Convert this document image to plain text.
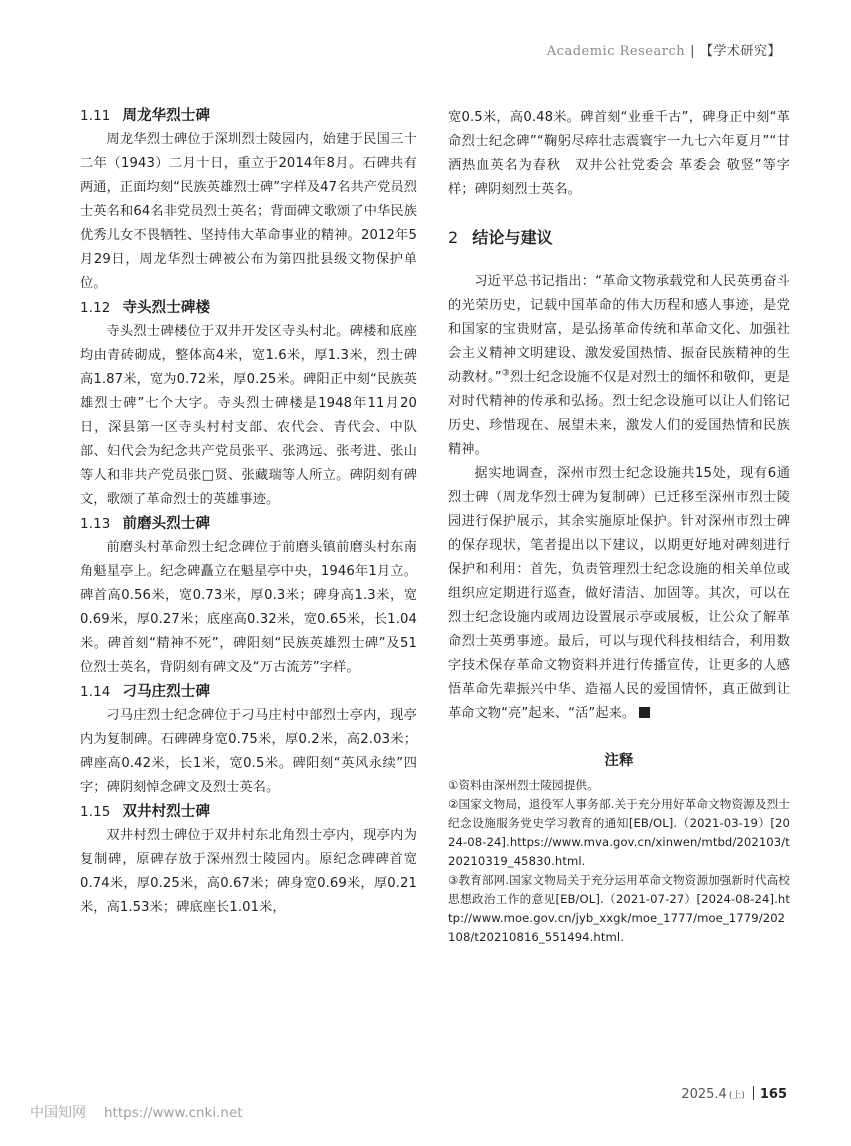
Academic Research | 【学术研究】
1.11 周龙华烈士碑

周龙华烈士碑位于深圳烈士陵园内，始建于民国三十二年（1943）二月十日，重立于2014年8月。石碑共有两通，正面均刻“民族英雄烈士碑”字样及47名共产党员烈士英名和64名非党员烈士英名；背面碑文歌颂了中华民族优秀儿女不畏牺牲、坚持伟大革命事业的精神。2012年5月29日，周龙华烈士碑被公布为第四批县级文物保护单位。

1.12 寺头烈士碑楼

寺头烈士碑楼位于双井开发区寺头村北。碑楼和底座均由青砖砌成，整体高4米，宽1.6米，厚1.3米，烈士碑高1.87米，宽为0.72米，厚0.25米。碑阳正中刻“民族英雄烈士碑”七个大字。寺头烈士碑楼是1948年11月20日，深县第一区寺头村村支部、农代会、青代会、中队部、妇代会为纪念共产党员张平、张鸿远、张考进、张山等人和非共产党员张□贤、张藏瑞等人所立。碑阴刻有碑文，歌颂了革命烈士的英雄事迹。

1.13 前磨头烈士碑

前磨头村革命烈士纪念碑位于前磨头镇前磨头村东南角魁星亭上。纪念碑矗立在魁星亭中央，1946年1月立。碑首高0.56米，宽0.73米，厚0.3米；碑身高1.3米，宽0.69米，厚0.27米；底座高0.32米，宽0.65米，长1.04米。碑首刻“精神不死”，碑阳刻“民族英雄烈士碑”及51位烈士英名，背阴刻有碑文及“万古流芳”字样。

1.14 刁马庄烈士碑

刁马庄烈士纪念碑位于刁马庄村中部烈士亭内，现亭内为复制碑。石碑碑身宽0.75米，厚0.2米，高2.03米；碑座高0.42米，长1米，宽0.5米。碑阳刻“英风永续”四字；碑阴刻悼念碑文及烈士英名。

1.15 双井村烈士碑

双井村烈士碑位于双井村东北角烈士亭内，现亭内为复制碑，原碑存放于深州烈士陵园内。原纪念碑碑首宽0.74米，厚0.25米，高0.67米；碑身宽0.69米，厚0.21米，高1.53米；碑底座长1.01米，

宽0.5米，高0.48米。碑首刻“业垂千古”，碑身正中刻“革命烈士纪念碑”“鞠躬尽瘁壮志震寰宇一九七六年夏月”“甘洒热血英名为春秋　双井公社党委会 革委会 敬竖”等字样；碑阴刻烈士英名。

2 结论与建议

习近平总书记指出：“革命文物承载党和人民英勇奋斗的光荣历史，记载中国革命的伟大历程和感人事迹，是党和国家的宝贵财富，是弘扬革命传统和革命文化、加强社会主义精神文明建设、激发爱国热情、振奋民族精神的生动教材。”③烈士纪念设施不仅是对烈士的缅怀和敬仰，更是对时代精神的传承和弘扬。烈士纪念设施可以让人们铭记历史、珍惜现在、展望未来，激发人们的爱国热情和民族精神。

据实地调查，深州市烈士纪念设施共15处，现有6通烈士碑（周龙华烈士碑为复制碑）已迁移至深州市烈士陵园进行保护展示，其余实施原址保护。针对深州市烈士碑的保存现状，笔者提出以下建议，以期更好地对碑刻进行保护和利用：首先，负责管理烈士纪念设施的相关单位或组织应定期进行巡查，做好清洁、加固等。其次，可以在烈士纪念设施内或周边设置展示亭或展板，让公众了解革命烈士英勇事迹。最后，可以与现代科技相结合，利用数字技术保存革命文物资料并进行传播宣传，让更多的人感悟革命先辈振兴中华、造福人民的爱国情怀，真正做到让革命文物“亮”起来、“活”起来。

注释

①资料由深州烈士陵园提供。

②国家文物局，退役军人事务部.关于充分用好革命文物资源及烈士纪念设施服务党史学习教育的通知[EB/OL].（2021-03-19）[2024-08-24].https://www.mva.gov.cn/xinwen/mtbd/202103/t20210319_45830.html.

③教育部网.国家文物局关于充分运用革命文物资源加强新时代高校思想政治工作的意见[EB/OL].（2021-07-27）[2024-08-24].http://www.moe.gov.cn/jyb_xxgk/moe_1777/moe_1779/202108/t20210816_551494.html.

中国知网 https://www.cnki.net
2025.4 (上) 165
